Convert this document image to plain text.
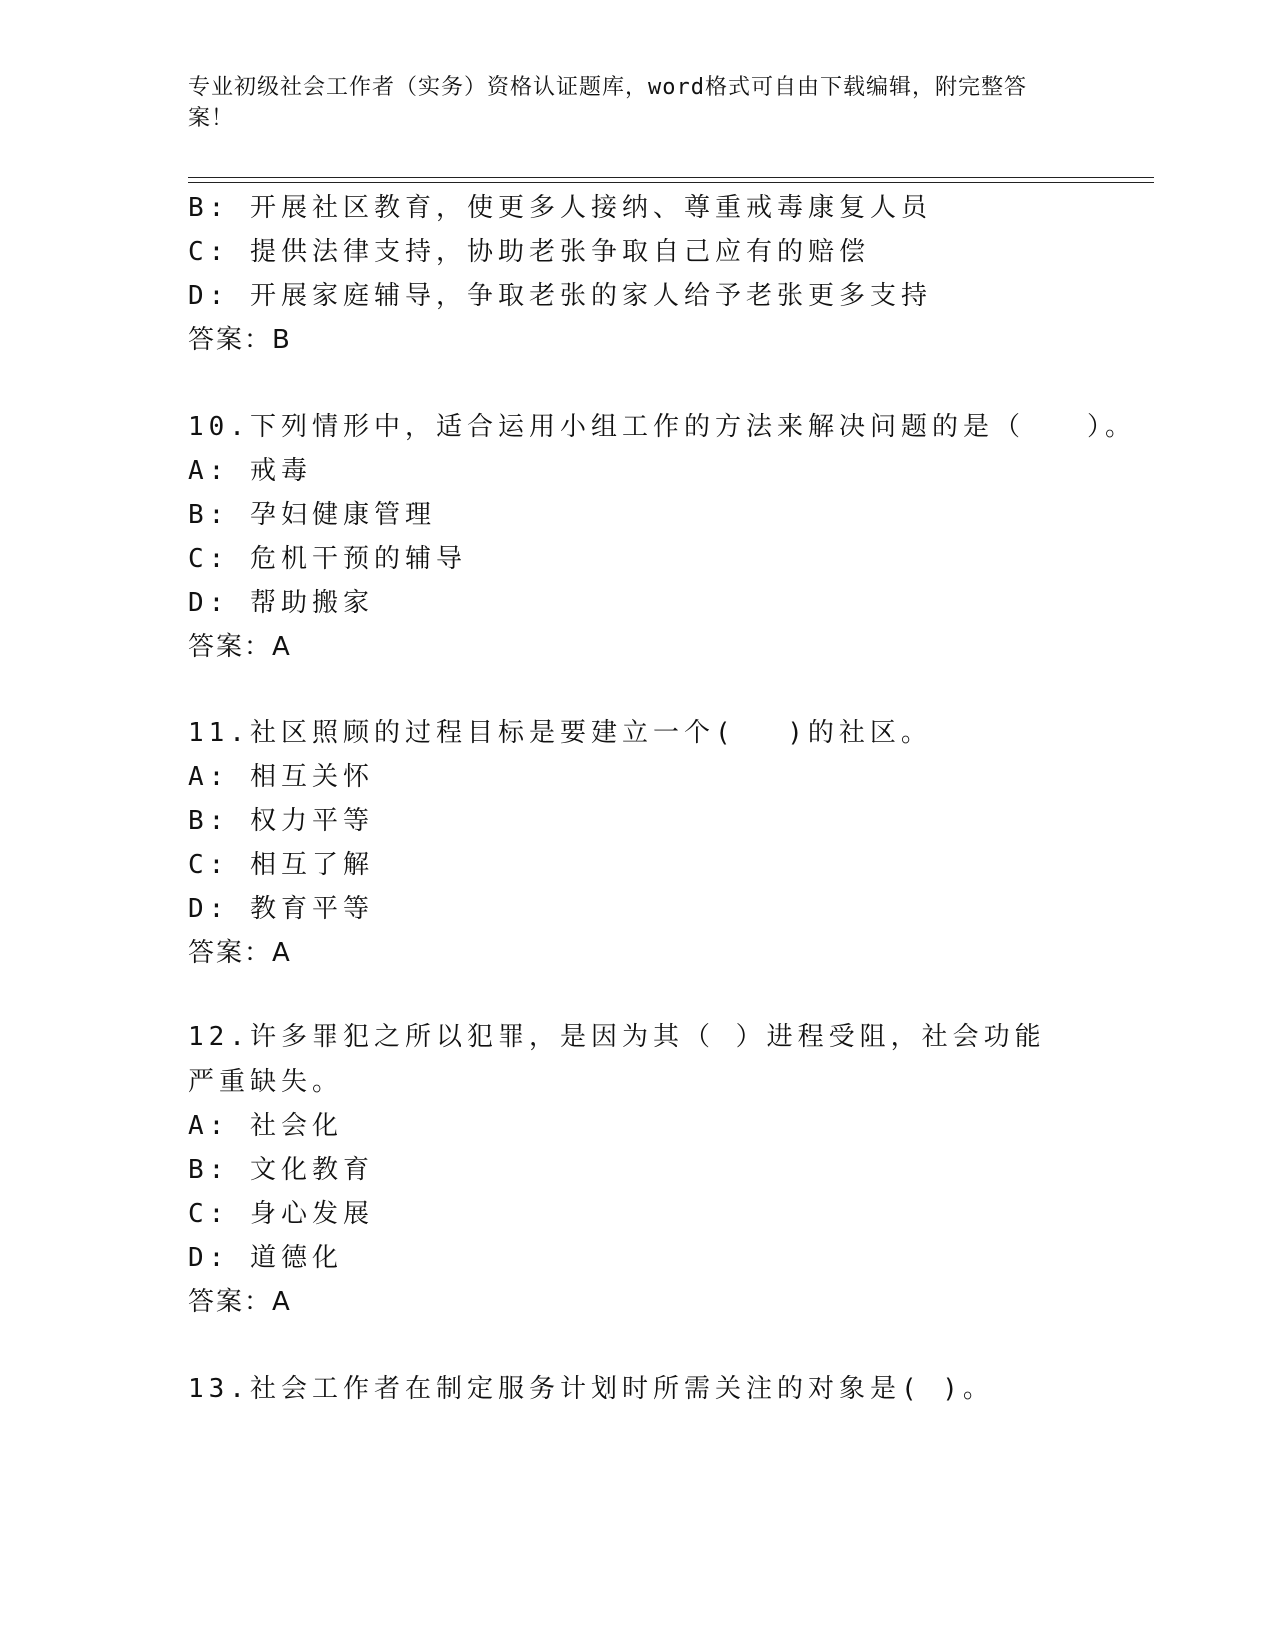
专业初级社会工作者（实务）资格认证题库，word格式可自由下载编辑，附完整答案！
B: 开展社区教育，使更多人接纳、尊重戒毒康复人员
C: 提供法律支持，协助老张争取自己应有的赔偿
D: 开展家庭辅导，争取老张的家人给予老张更多支持
答案：B
10.下列情形中，适合运用小组工作的方法来解决问题的是（　　）。
A: 戒毒
B: 孕妇健康管理
C: 危机干预的辅导
D: 帮助搬家
答案：A
11.社区照顾的过程目标是要建立一个(　 )的社区。
A: 相互关怀
B: 权力平等
C: 相互了解
D: 教育平等
答案：A
12.许多罪犯之所以犯罪，是因为其（ ）进程受阻，社会功能严重缺失。
A: 社会化
B: 文化教育
C: 身心发展
D: 道德化
答案：A
13.社会工作者在制定服务计划时所需关注的对象是( )。
